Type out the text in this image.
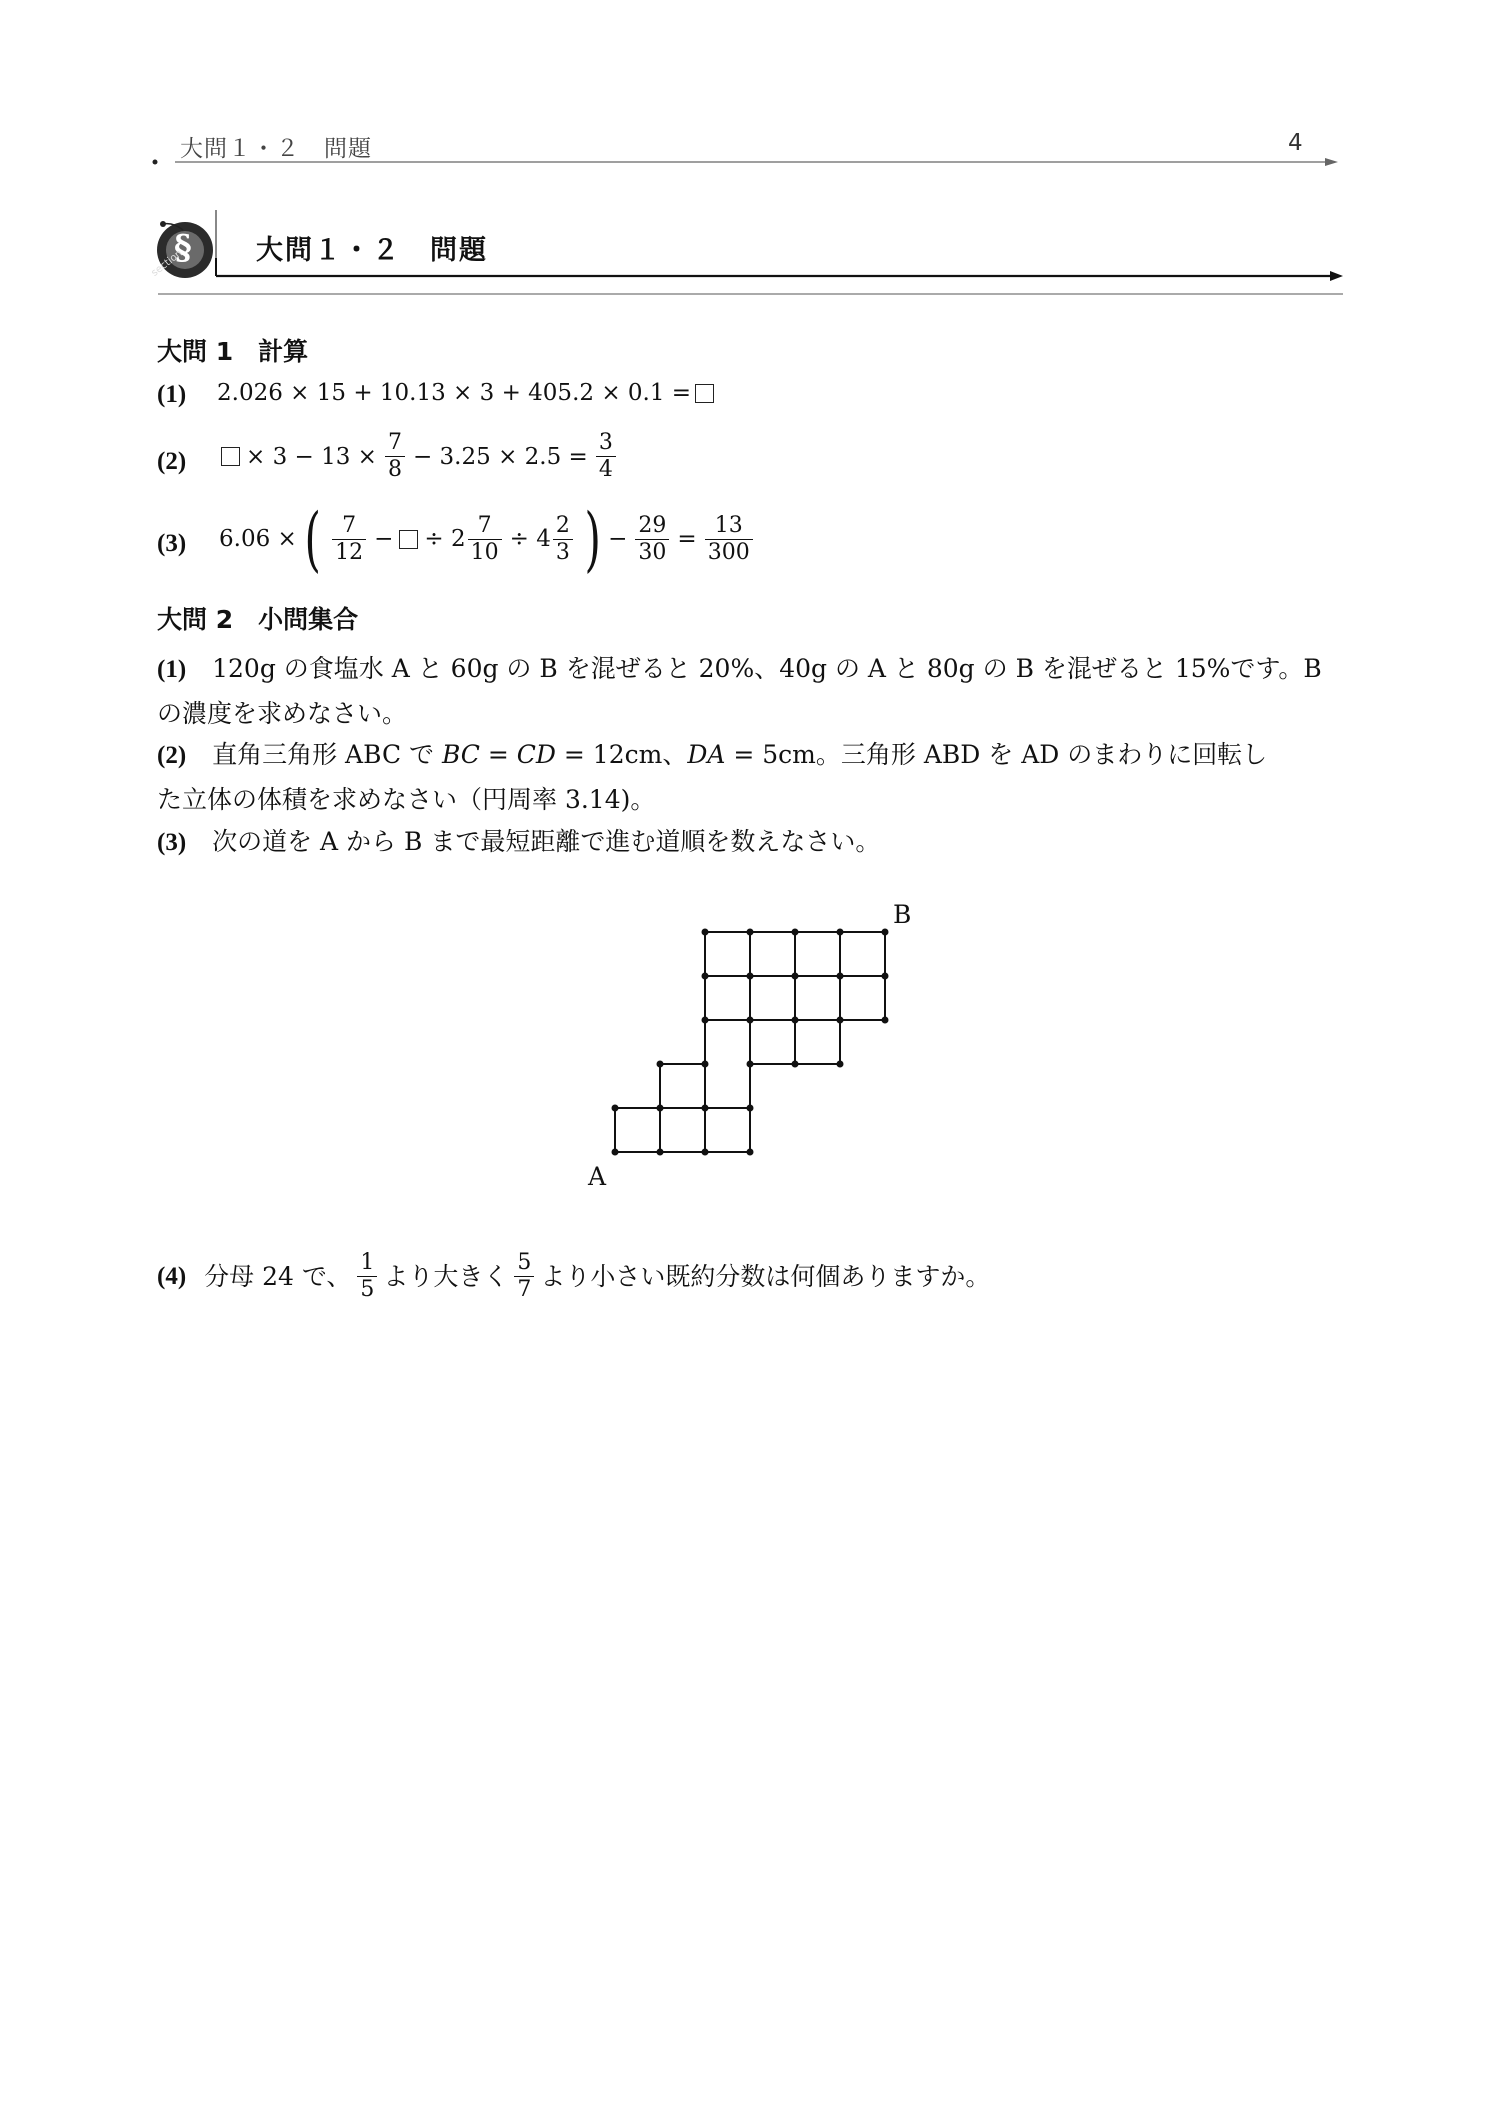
大問１・２　問題	4
§
section	大問１・２　問題
大問 1　計算
(1) 2.026 × 15 + 10.13 × 3 + 405.2 × 0.1 =
(2)	× $3 - 13 \times \frac{7}{8} - 3.25 \times 2.5 = \frac{3}{4}$
(3) 6.06 × ( $\frac{7}{12}$ − ÷ $2 \frac{7}{10} \div 4 \frac{2}{3}$ ) − $\frac{29}{30} = \frac{13}{300}$
大問 2　小問集合
(1) 120g の食塩水 A と 60g の B を混ぜると 20%、40g の A と 80g の B を混ぜると 15%です。B
の濃度を求めなさい。
(2) 直角三角形 ABC で BC = CD = 12cm、DA = 5cm。三角形 ABD を AD のまわりに回転し
た立体の体積を求めなさい（円周率 3.14)。
(3) 次の道を A から B まで最短距離で進む道順を数えなさい。
B
A
(4) 分母 24 で、 $\frac{1}{5}$ より大きく $\frac{5}{7}$ より小さい既約分数は何個ありますか。
